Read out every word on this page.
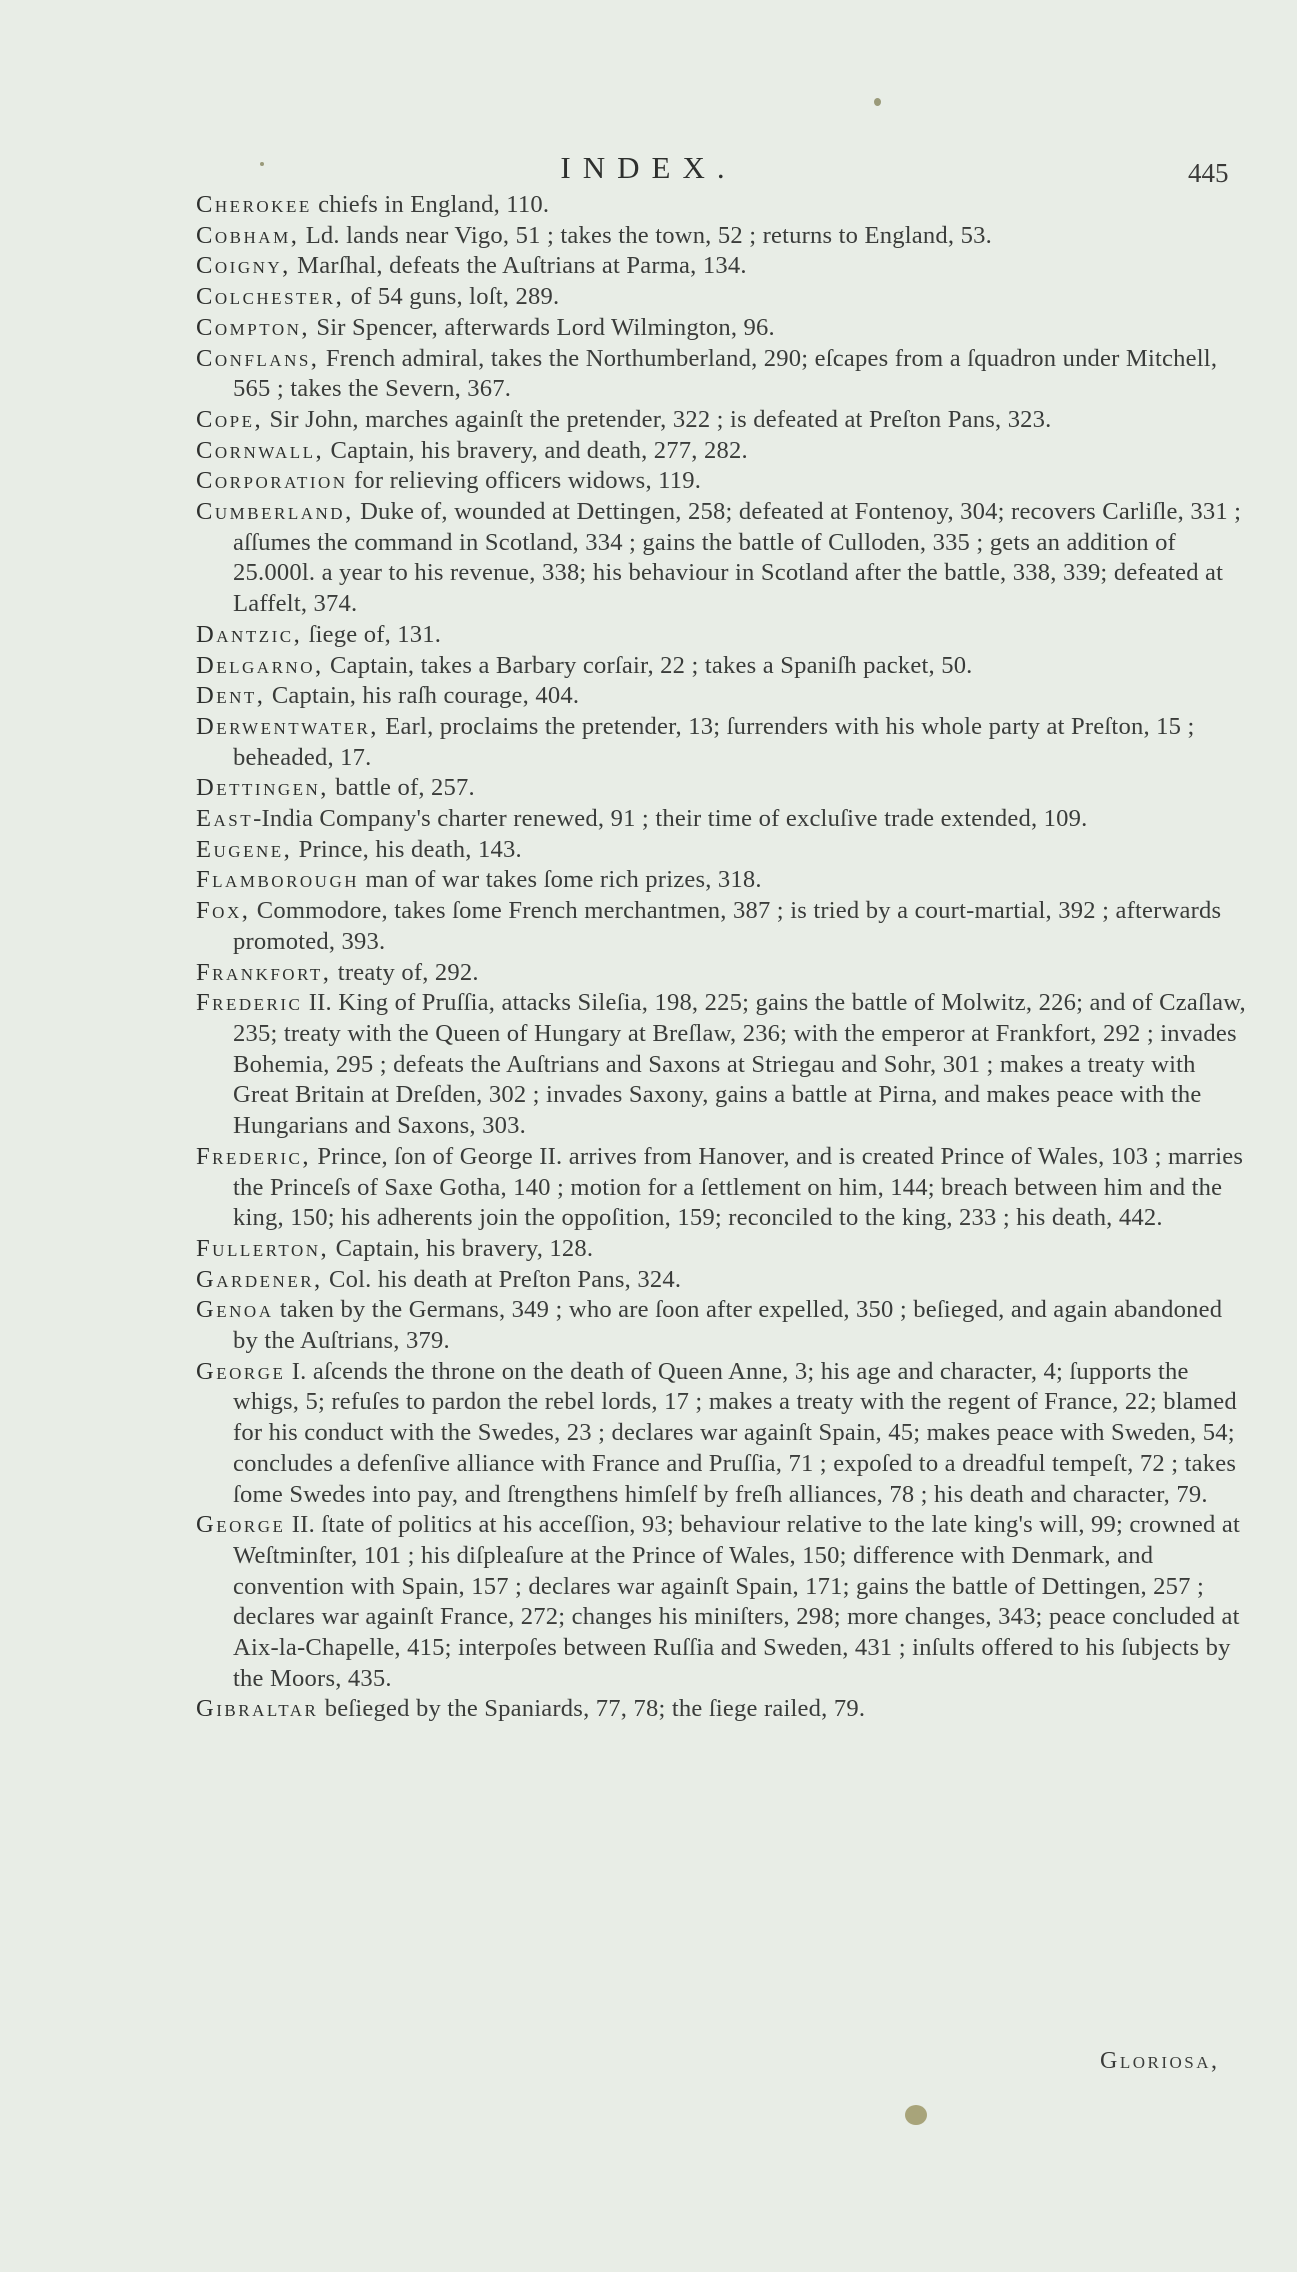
INDEX.	445

Cherokee chiefs in England, 110.

Cobham, Ld. lands near Vigo, 51 ; takes the town, 52 ; returns to England, 53.

Coigny, Marſhal, defeats the Auſtrians at Parma, 134.

Colchester, of 54 guns, loſt, 289.

Compton, Sir Spencer, afterwards Lord Wilmington, 96.

Conflans, French admiral, takes the Northumberland, 290; eſcapes from a ſquadron under Mitchell, 565 ; takes the Severn, 367.

Cope, Sir John, marches againſt the pretender, 322 ; is defeated at Preſton Pans, 323.

Cornwall, Captain, his bravery, and death, 277, 282.

Corporation for relieving officers widows, 119.

Cumberland, Duke of, wounded at Dettingen, 258; defeated at Fontenoy, 304; recovers Carliſle, 331 ; aſſumes the command in Scotland, 334 ; gains the battle of Culloden, 335 ; gets an addition of 25.000l. a year to his revenue, 338; his behaviour in Scotland after the battle, 338, 339; defeated at Laffelt, 374.

Dantzic, ſiege of, 131.

Delgarno, Captain, takes a Barbary corſair, 22 ; takes a Spaniſh packet, 50.

Dent, Captain, his raſh courage, 404.

Derwentwater, Earl, proclaims the pretender, 13; ſurrenders with his whole party at Preſton, 15 ; beheaded, 17.

Dettingen, battle of, 257.

East-India Company's charter renewed, 91 ; their time of excluſive trade extended, 109.

Eugene, Prince, his death, 143.

Flamborough man of war takes ſome rich prizes, 318.

Fox, Commodore, takes ſome French merchantmen, 387 ; is tried by a court-martial, 392 ; afterwards promoted, 393.

Frankfort, treaty of, 292.

Frederic II. King of Pruſſia, attacks Sileſia, 198, 225; gains the battle of Molwitz, 226; and of Czaſlaw, 235; treaty with the Queen of Hungary at Breſlaw, 236; with the emperor at Frankfort, 292 ; invades Bohemia, 295 ; defeats the Auſtrians and Saxons at Striegau and Sohr, 301 ; makes a treaty with Great Britain at Dreſden, 302 ; invades Saxony, gains a battle at Pirna, and makes peace with the Hungarians and Saxons, 303.

Frederic, Prince, ſon of George II. arrives from Hanover, and is created Prince of Wales, 103 ; marries the Princeſs of Saxe Gotha, 140 ; motion for a ſettlement on him, 144; breach between him and the king, 150; his adherents join the oppoſition, 159; reconciled to the king, 233 ; his death, 442.

Fullerton, Captain, his bravery, 128.

Gardener, Col. his death at Preſton Pans, 324.

Genoa taken by the Germans, 349 ; who are ſoon after expelled, 350 ; beſieged, and again abandoned by the Auſtrians, 379.

George I. aſcends the throne on the death of Queen Anne, 3; his age and character, 4; ſupports the whigs, 5; refuſes to pardon the rebel lords, 17 ; makes a treaty with the regent of France, 22; blamed for his conduct with the Swedes, 23 ; declares war againſt Spain, 45; makes peace with Sweden, 54; concludes a defenſive alliance with France and Pruſſia, 71 ; expoſed to a dreadful tempeſt, 72 ; takes ſome Swedes into pay, and ſtrengthens himſelf by freſh alliances, 78 ; his death and character, 79.

George II. ſtate of politics at his acceſſion, 93; behaviour relative to the late king's will, 99; crowned at Weſtminſter, 101 ; his diſpleaſure at the Prince of Wales, 150; difference with Denmark, and convention with Spain, 157 ; declares war againſt Spain, 171; gains the battle of Dettingen, 257 ; declares war againſt France, 272; changes his miniſters, 298; more changes, 343; peace concluded at Aix-la-Chapelle, 415; interpoſes between Ruſſia and Sweden, 431 ; inſults offered to his ſubjects by the Moors, 435.

Gibraltar beſieged by the Spaniards, 77, 78; the ſiege railed, 79.

Gloriosa,
